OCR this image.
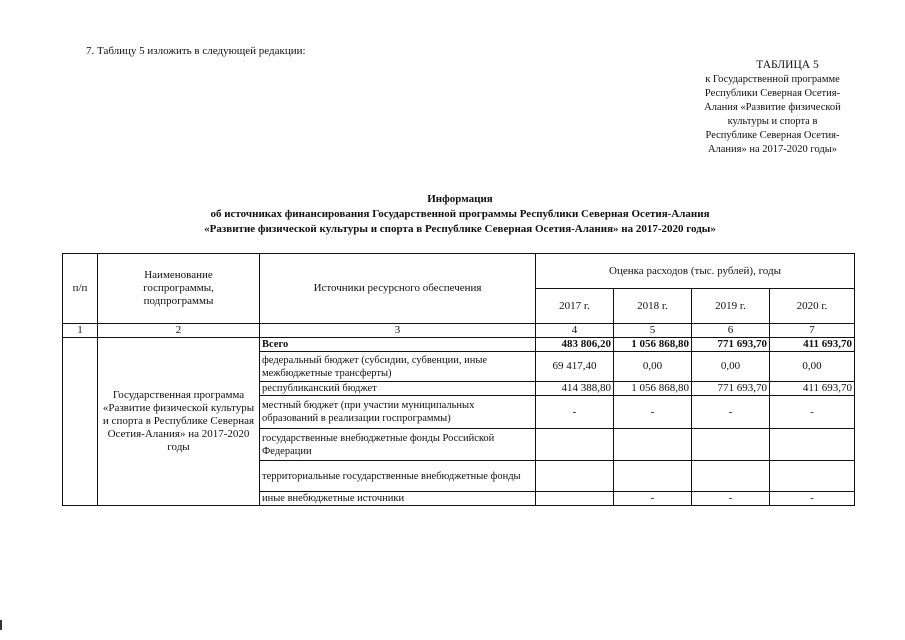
7. Таблицу 5 изложить в следующей редакции:
ТАБЛИЦА 5
к Государственной программе
Республики Северная Осетия-
Алания «Развитие физической
культуры и спорта в
Республике Северная Осетия-
Алания» на 2017-2020 годы»
Информация
об источниках финансирования Государственной программы Республики Северная Осетия-Алания
«Развитие физической культуры и спорта в Республике Северная Осетия-Алания» на 2017-2020 годы»
п/п	Наименование госпрограммы, подпрограммы	Источники ресурсного обеспечения	Оценка расходов (тыс. рублей), годы			
			2017 г.	2018 г.	2019 г.	2020 г.
1	2	3	4	5	6	7
	Государственная программа «Развитие физической культуры и спорта в Республике Северная Осетия-Алания» на 2017-2020 годы	Всего	483 806,20	1 056 868,80	771 693,70	411 693,70
		федеральный бюджет (субсидии, субвенции, иные межбюджетные трансферты)	69 417,40	0,00	0,00	0,00
		республиканский бюджет	414 388,80	1 056 868,80	771 693,70	411 693,70
		местный бюджет (при участии муниципальных образований в реализации госпрограммы)	-	-	-	-
		государственные внебюджетные фонды Российской Федерации				
		территориальные государственные внебюджетные фонды				
		иные внебюджетные источники		-	-	-
